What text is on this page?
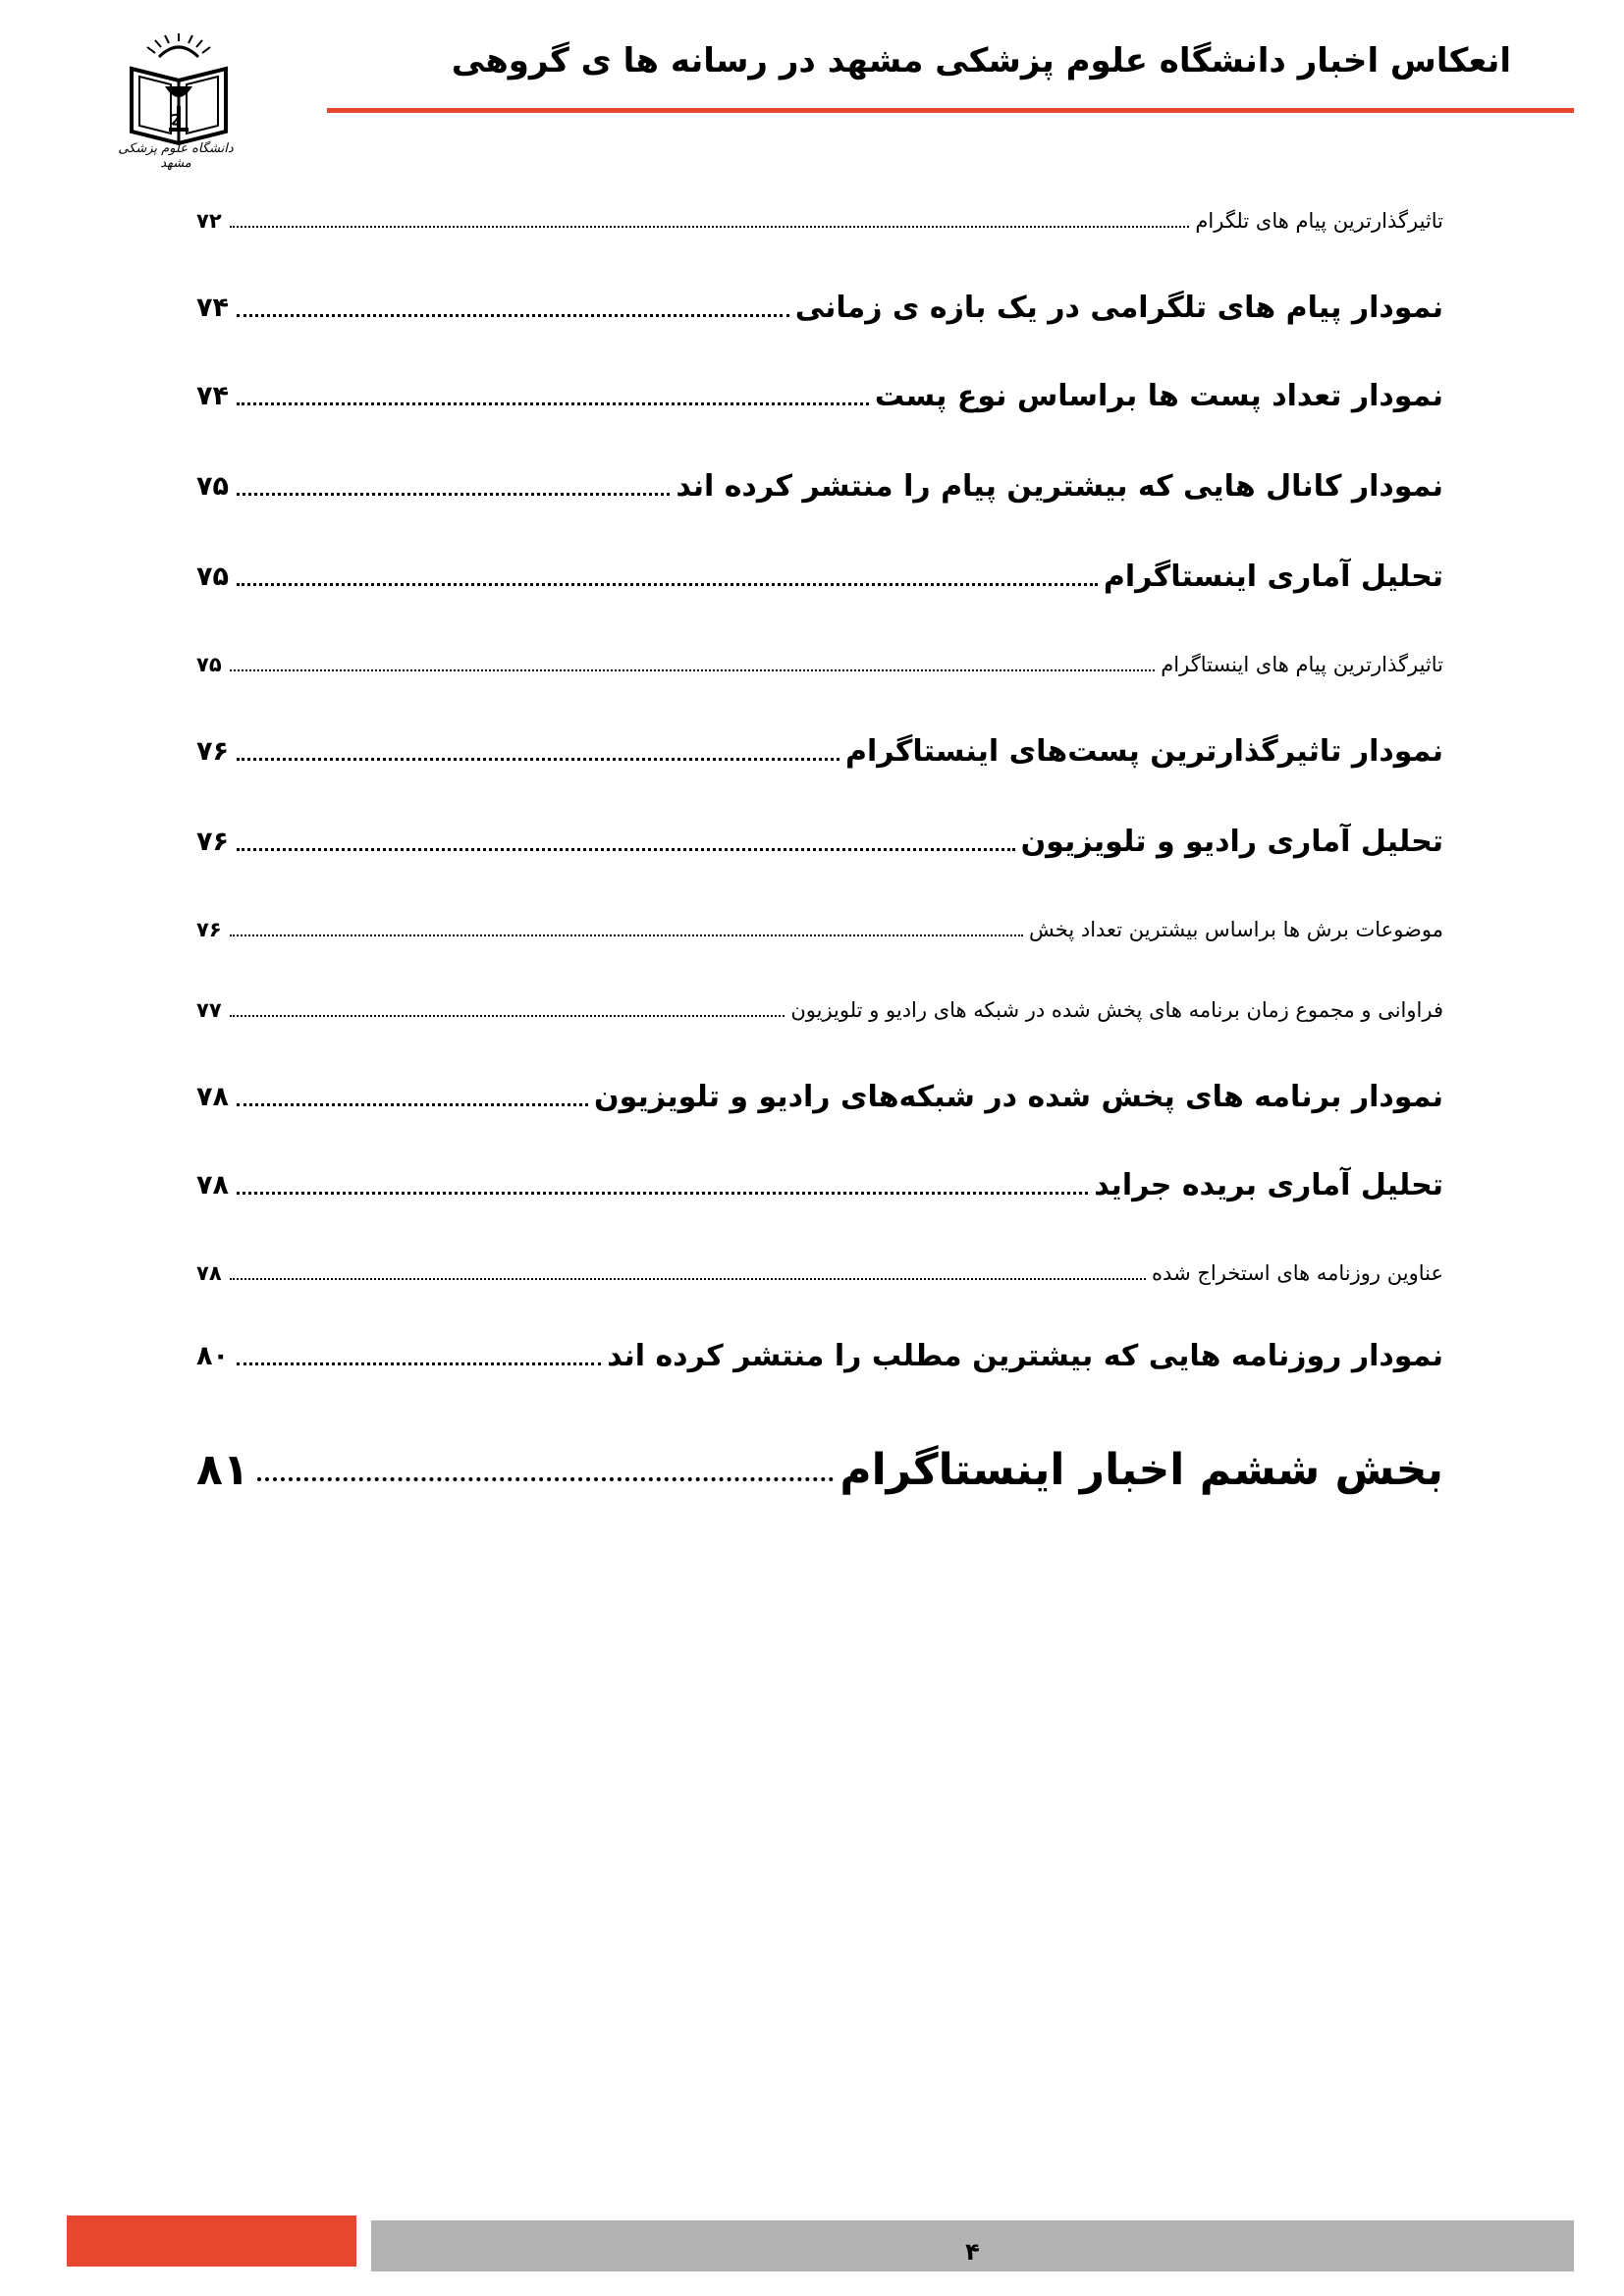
دانشگاه علوم پزشکی مشهد
انعکاس اخبار دانشگاه علوم پزشکی مشهد در رسانه ها ی گروهی
۷۲	تاثیرگذارترین پیام های تلگرام
۷۴	نمودار پیام های تلگرامی در یک بازه ی زمانی
۷۴	نمودار تعداد پست ها براساس نوع پست
۷۵	نمودار کانال هایی که بیشترین پیام را منتشر کرده اند
۷۵	تحلیل آماری اینستاگرام
۷۵	تاثیرگذارترین پیام های اینستاگرام
۷۶	نمودار تاثیرگذارترین پست‌های اینستاگرام
۷۶	تحلیل آماری رادیو و تلویزیون
۷۶	موضوعات برش ها براساس بیشترین تعداد پخش
۷۷	فراوانی و مجموع زمان برنامه های پخش شده در شبکه های رادیو و تلویزیون
۷۸	نمودار برنامه های پخش شده در شبکه‌های رادیو و تلویزیون
۷۸	تحلیل آماری بریده جراید
۷۸	عناوین روزنامه های استخراج شده
۸۰	نمودار روزنامه هایی که بیشترین مطلب را منتشر کرده اند
۸۱	بخش ششم اخبار اینستاگرام
۴
